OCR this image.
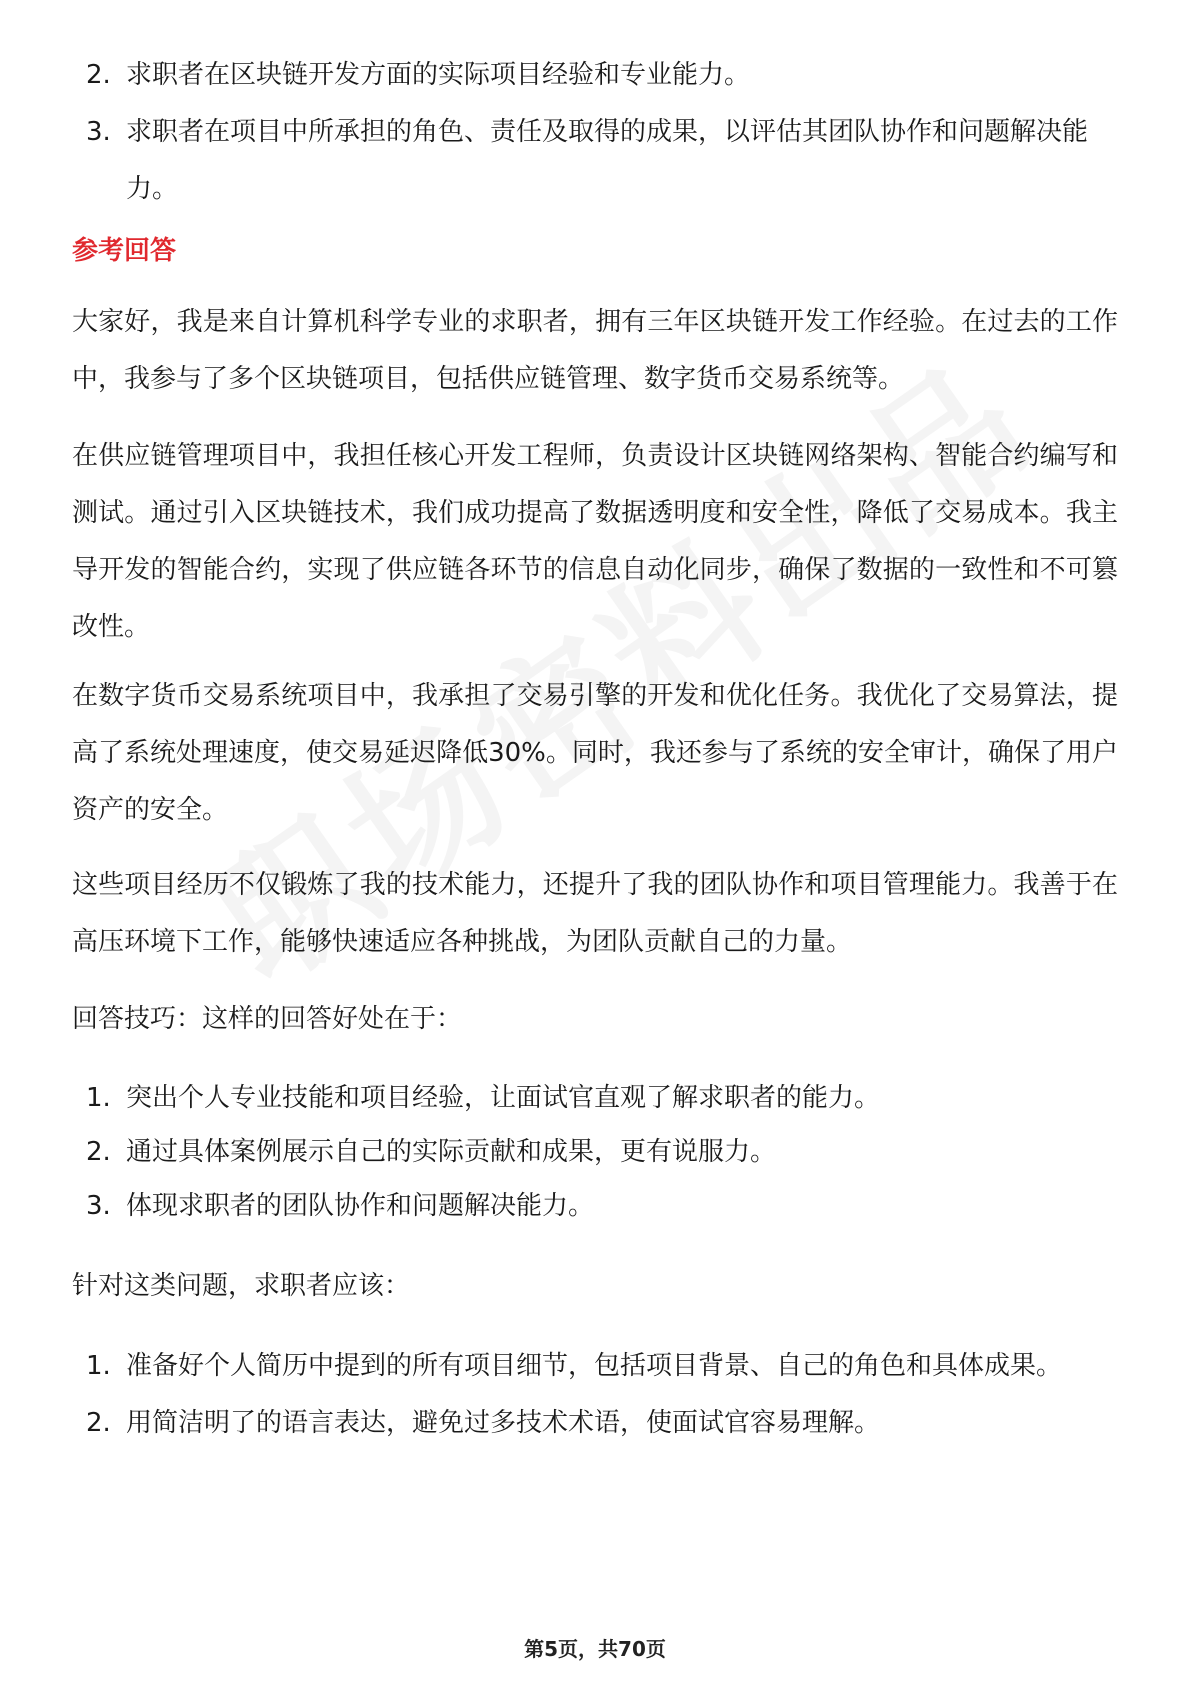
2. 求职者在区块链开发方面的实际项目经验和专业能力。
3. 求职者在项目中所承担的角色、责任及取得的成果，以评估其团队协作和问题解决能力。
参考回答
大家好，我是来自计算机科学专业的求职者，拥有三年区块链开发工作经验。在过去的工作中，我参与了多个区块链项目，包括供应链管理、数字货币交易系统等。
在供应链管理项目中，我担任核心开发工程师，负责设计区块链网络架构、智能合约编写和测试。通过引入区块链技术，我们成功提高了数据透明度和安全性，降低了交易成本。我主导开发的智能合约，实现了供应链各环节的信息自动化同步，确保了数据的一致性和不可篡改性。
在数字货币交易系统项目中，我承担了交易引擎的开发和优化任务。我优化了交易算法，提高了系统处理速度，使交易延迟降低30%。同时，我还参与了系统的安全审计，确保了用户资产的安全。
这些项目经历不仅锻炼了我的技术能力，还提升了我的团队协作和项目管理能力。我善于在高压环境下工作，能够快速适应各种挑战，为团队贡献自己的力量。
回答技巧：这样的回答好处在于：
1. 突出个人专业技能和项目经验，让面试官直观了解求职者的能力。
2. 通过具体案例展示自己的实际贡献和成果，更有说服力。
3. 体现求职者的团队协作和问题解决能力。
针对这类问题，求职者应该：
1. 准备好个人简历中提到的所有项目细节，包括项目背景、自己的角色和具体成果。
2. 用简洁明了的语言表达，避免过多技术术语，使面试官容易理解。
第5页，共70页
